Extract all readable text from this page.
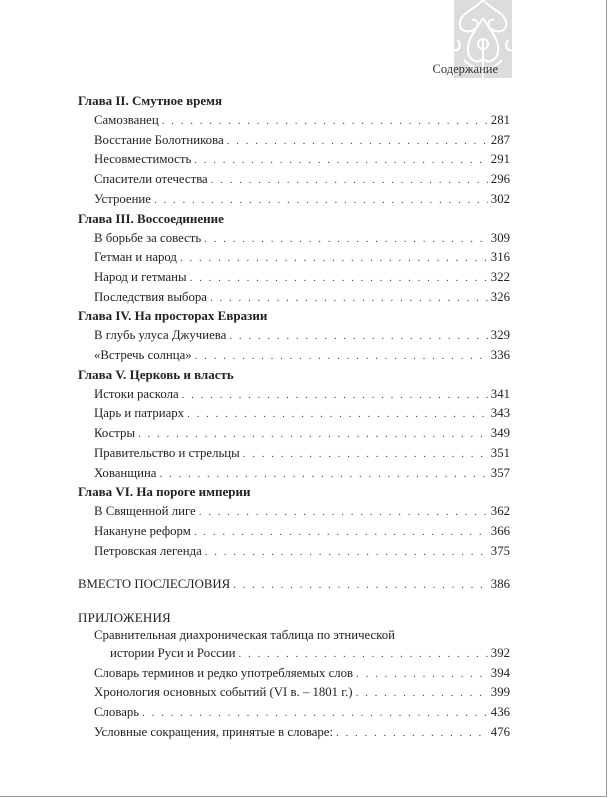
Содержание
Глава II. Смутное время
Самозванец . . .	281
Восстание Болотникова . . .	287
Несовместимость . . .	291
Спасители отечества . . .	296
Устроение . . .	302
Глава III. Воссоединение
В борьбе за совесть . . .	309
Гетман и народ . . .	316
Народ и гетманы . . .	322
Последствия выбора . . .	326
Глава IV. На просторах Евразии
В глубь улуса Джучиева . . .	329
«Встречь солнца» . . .	336
Глава V. Церковь и власть
Истоки раскола . . .	341
Царь и патриарх . . .	343
Костры . . .	349
Правительство и стрельцы . . .	351
Хованщина . . .	357
Глава VI. На пороге империи
В Священной лиге . . .	362
Накануне реформ . . .	366
Петровская легенда . . .	375
ВМЕСТО ПОСЛЕСЛОВИЯ . . .	386
ПРИЛОЖЕНИЯ
Сравнительная диахроническая таблица по этнической
истории Руси и России . . .	392
Словарь терминов и редко употребляемых слов . . .	394
Хронология основных событий (VI в. – 1801 г.) . . .	399
Словарь . . .	436
Условные сокращения, принятые в словаре: . . .	476
